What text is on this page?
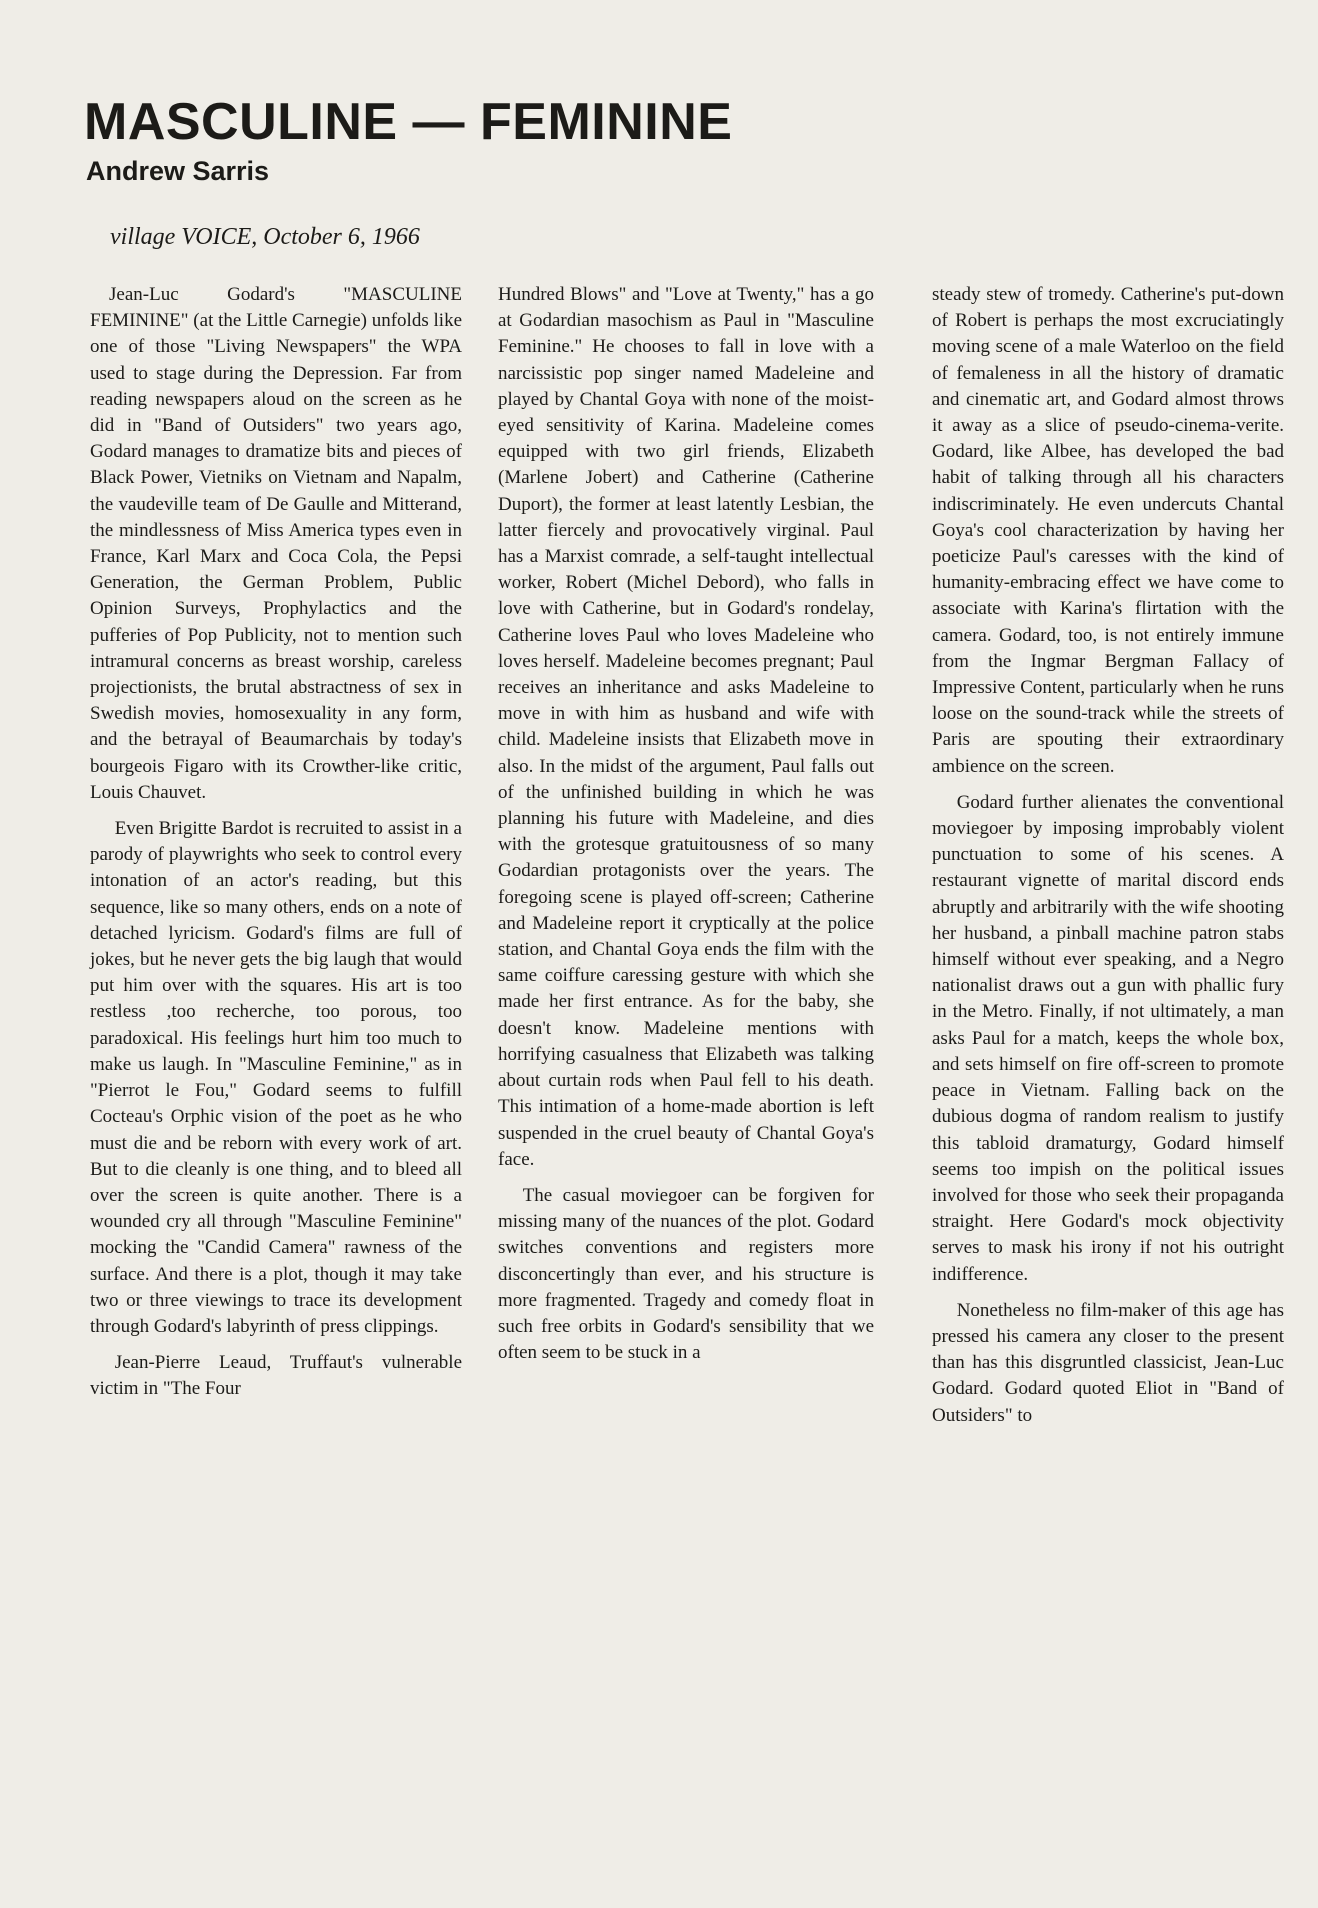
MASCULINE — FEMININE
Andrew Sarris
village VOICE, October 6, 1966

Jean-Luc Godard's "MASCULINE FEMININE" (at the Little Carnegie) unfolds like one of those "Living Newspapers" the WPA used to stage during the Depression. Far from reading newspapers aloud on the screen as he did in "Band of Outsiders" two years ago, Godard manages to dramatize bits and pieces of Black Power, Vietniks on Vietnam and Napalm, the vaudeville team of De Gaulle and Mitterand, the mindlessness of Miss America types even in France, Karl Marx and Coca Cola, the Pepsi Generation, the German Problem, Public Opinion Surveys, Prophylactics and the pufferies of Pop Publicity, not to mention such intramural concerns as breast worship, careless projectionists, the brutal abstractness of sex in Swedish movies, homosexuality in any form, and the betrayal of Beaumarchais by today's bourgeois Figaro with its Crowther-like critic, Louis Chauvet.

Even Brigitte Bardot is recruited to assist in a parody of playwrights who seek to control every intonation of an actor's reading, but this sequence, like so many others, ends on a note of detached lyricism. Godard's films are full of jokes, but he never gets the big laugh that would put him over with the squares. His art is too restless ,too recherche, too porous, too paradoxical. His feelings hurt him too much to make us laugh. In "Masculine Feminine," as in "Pierrot le Fou," Godard seems to fulfill Cocteau's Orphic vision of the poet as he who must die and be reborn with every work of art. But to die cleanly is one thing, and to bleed all over the screen is quite another. There is a wounded cry all through "Masculine Feminine" mocking the "Candid Camera" rawness of the surface. And there is a plot, though it may take two or three viewings to trace its development through Godard's labyrinth of press clippings.

Jean-Pierre Leaud, Truffaut's vulnerable victim in "The Four

Hundred Blows" and "Love at Twenty," has a go at Godardian masochism as Paul in "Masculine Feminine." He chooses to fall in love with a narcissistic pop singer named Madeleine and played by Chantal Goya with none of the moist-eyed sensitivity of Karina. Madeleine comes equipped with two girl friends, Elizabeth (Marlene Jobert) and Catherine (Catherine Duport), the former at least latently Lesbian, the latter fiercely and provocatively virginal. Paul has a Marxist comrade, a self-taught intellectual worker, Robert (Michel Debord), who falls in love with Catherine, but in Godard's rondelay, Catherine loves Paul who loves Madeleine who loves herself. Madeleine becomes pregnant; Paul receives an inheritance and asks Madeleine to move in with him as husband and wife with child. Madeleine insists that Elizabeth move in also. In the midst of the argument, Paul falls out of the unfinished building in which he was planning his future with Madeleine, and dies with the grotesque gratuitousness of so many Godardian protagonists over the years. The foregoing scene is played off-screen; Catherine and Madeleine report it cryptically at the police station, and Chantal Goya ends the film with the same coiffure caressing gesture with which she made her first entrance. As for the baby, she doesn't know. Madeleine mentions with horrifying casualness that Elizabeth was talking about curtain rods when Paul fell to his death. This intimation of a home-made abortion is left suspended in the cruel beauty of Chantal Goya's face.

The casual moviegoer can be forgiven for missing many of the nuances of the plot. Godard switches conventions and registers more disconcertingly than ever, and his structure is more fragmented. Tragedy and comedy float in such free orbits in Godard's sensibility that we often seem to be stuck in a

steady stew of tromedy. Catherine's put-down of Robert is perhaps the most excruciatingly moving scene of a male Waterloo on the field of femaleness in all the history of dramatic and cinematic art, and Godard almost throws it away as a slice of pseudo-cinema-verite. Godard, like Albee, has developed the bad habit of talking through all his characters indiscriminately. He even undercuts Chantal Goya's cool characterization by having her poeticize Paul's caresses with the kind of humanity-embracing effect we have come to associate with Karina's flirtation with the camera. Godard, too, is not entirely immune from the Ingmar Bergman Fallacy of Impressive Content, particularly when he runs loose on the sound-track while the streets of Paris are spouting their extraordinary ambience on the screen.

Godard further alienates the conventional moviegoer by imposing improbably violent punctuation to some of his scenes. A restaurant vignette of marital discord ends abruptly and arbitrarily with the wife shooting her husband, a pinball machine patron stabs himself without ever speaking, and a Negro nationalist draws out a gun with phallic fury in the Metro. Finally, if not ultimately, a man asks Paul for a match, keeps the whole box, and sets himself on fire off-screen to promote peace in Vietnam. Falling back on the dubious dogma of random realism to justify this tabloid dramaturgy, Godard himself seems too impish on the political issues involved for those who seek their propaganda straight. Here Godard's mock objectivity serves to mask his irony if not his outright indifference.

Nonetheless no film-maker of this age has pressed his camera any closer to the present than has this disgruntled classicist, Jean-Luc Godard. Godard quoted Eliot in "Band of Outsiders" to
